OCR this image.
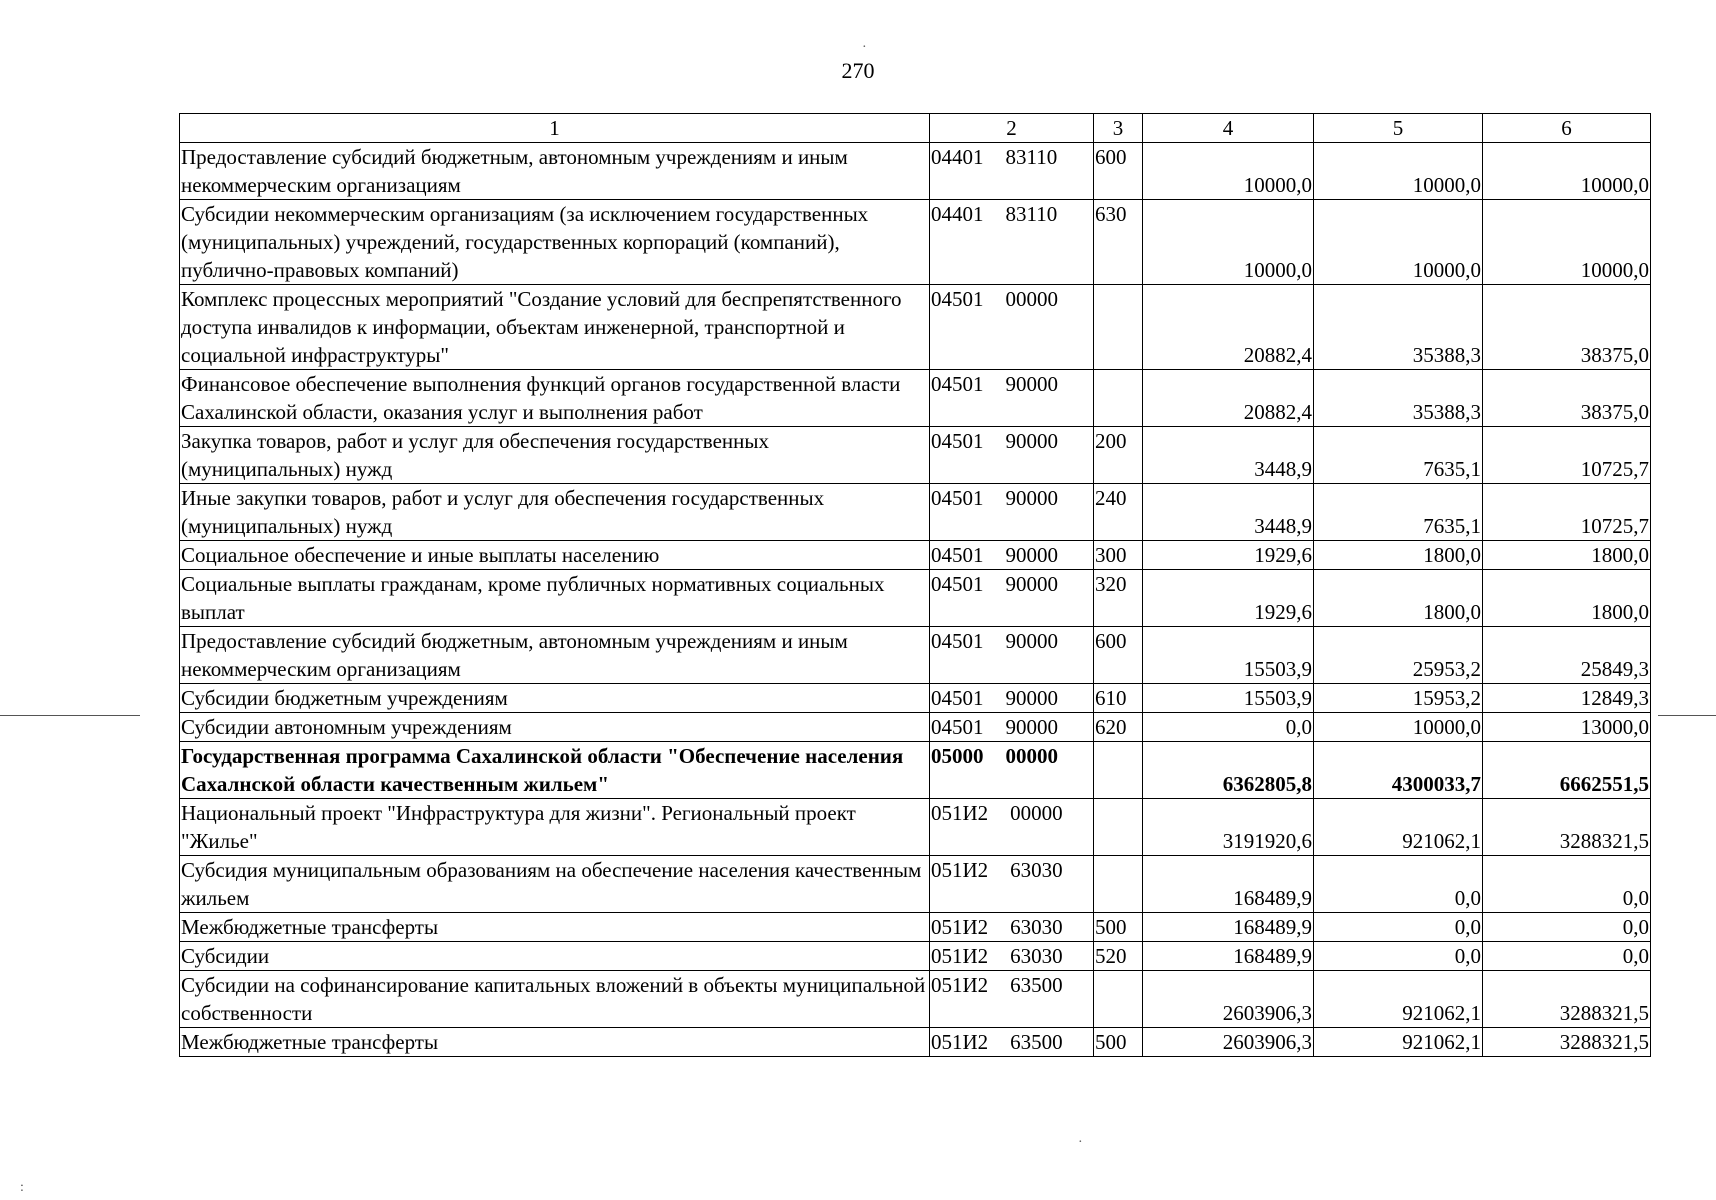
270
1	2	3	4	5	6
Предоставление субсидий бюджетным, автономным учреждениям и иным некоммерческим организациям	04401 83110	600	10000,0	10000,0	10000,0
Субсидии некоммерческим организациям (за исключением государственных (муниципальных) учреждений, государственных корпораций (компаний), публично-правовых компаний)	04401 83110	630	10000,0	10000,0	10000,0
Комплекс процессных мероприятий "Создание условий для беспрепятственного доступа инвалидов к информации, объектам инженерной, транспортной и социальной инфраструктуры"	04501 00000		20882,4	35388,3	38375,0
Финансовое обеспечение выполнения функций органов государственной власти Сахалинской области, оказания услуг и выполнения работ	04501 90000		20882,4	35388,3	38375,0
Закупка товаров, работ и услуг для обеспечения государственных (муниципальных) нужд	04501 90000	200	3448,9	7635,1	10725,7
Иные закупки товаров, работ и услуг для обеспечения государственных (муниципальных) нужд	04501 90000	240	3448,9	7635,1	10725,7
Социальное обеспечение и иные выплаты населению	04501 90000	300	1929,6	1800,0	1800,0
Социальные выплаты гражданам, кроме публичных нормативных социальных выплат	04501 90000	320	1929,6	1800,0	1800,0
Предоставление субсидий бюджетным, автономным учреждениям и иным некоммерческим организациям	04501 90000	600	15503,9	25953,2	25849,3
Субсидии бюджетным учреждениям	04501 90000	610	15503,9	15953,2	12849,3
Субсидии автономным учреждениям	04501 90000	620	0,0	10000,0	13000,0
Государственная программа Сахалинской области "Обеспечение населения Сахалнской области качественным жильем"	05000 00000		6362805,8	4300033,7	6662551,5
Национальный проект "Инфраструктура для жизни". Региональный проект "Жилье"	051И2 00000		3191920,6	921062,1	3288321,5
Субсидия муниципальным образованиям на обеспечение населения качественным жильем	051И2 63030		168489,9	0,0	0,0
Межбюджетные трансферты	051И2 63030	500	168489,9	0,0	0,0
Субсидии	051И2 63030	520	168489,9	0,0	0,0
Субсидии на софинансирование капитальных вложений в объекты муниципальной собственности	051И2 63500		2603906,3	921062,1	3288321,5
Межбюджетные трансферты	051И2 63500	500	2603906,3	921062,1	3288321,5
·
·
:
